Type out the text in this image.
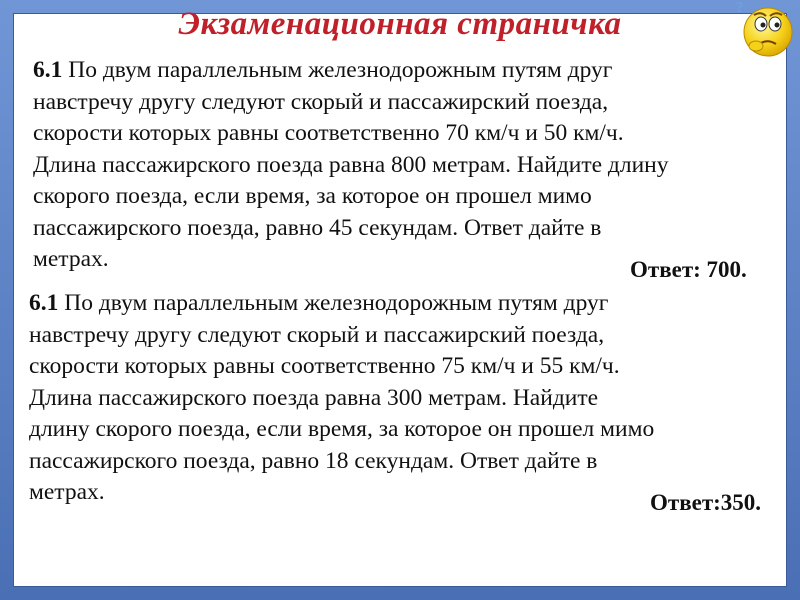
Экзаменационная страничка	?
6.1 По двум параллельным железнодорожным путям друг
навстречу другу следуют скорый и пассажирский поезда,
скорости которых равны соответственно 70 км/ч и 50 км/ч.
Длина пассажирского поезда равна 800 метрам. Найдите длину
скорого поезда, если время, за которое он прошел мимо
пассажирского поезда, равно 45 секундам. Ответ дайте в
метрах.	Ответ: 700.
6.1 По двум параллельным железнодорожным путям друг
навстречу другу следуют скорый и пассажирский поезда,
скорости которых равны соответственно 75 км/ч и 55 км/ч.
Длина пассажирского поезда равна 300 метрам. Найдите
длину скорого поезда, если время, за которое он прошел мимо
пассажирского поезда, равно 18 секундам. Ответ дайте в
метрах.	Ответ:350.
